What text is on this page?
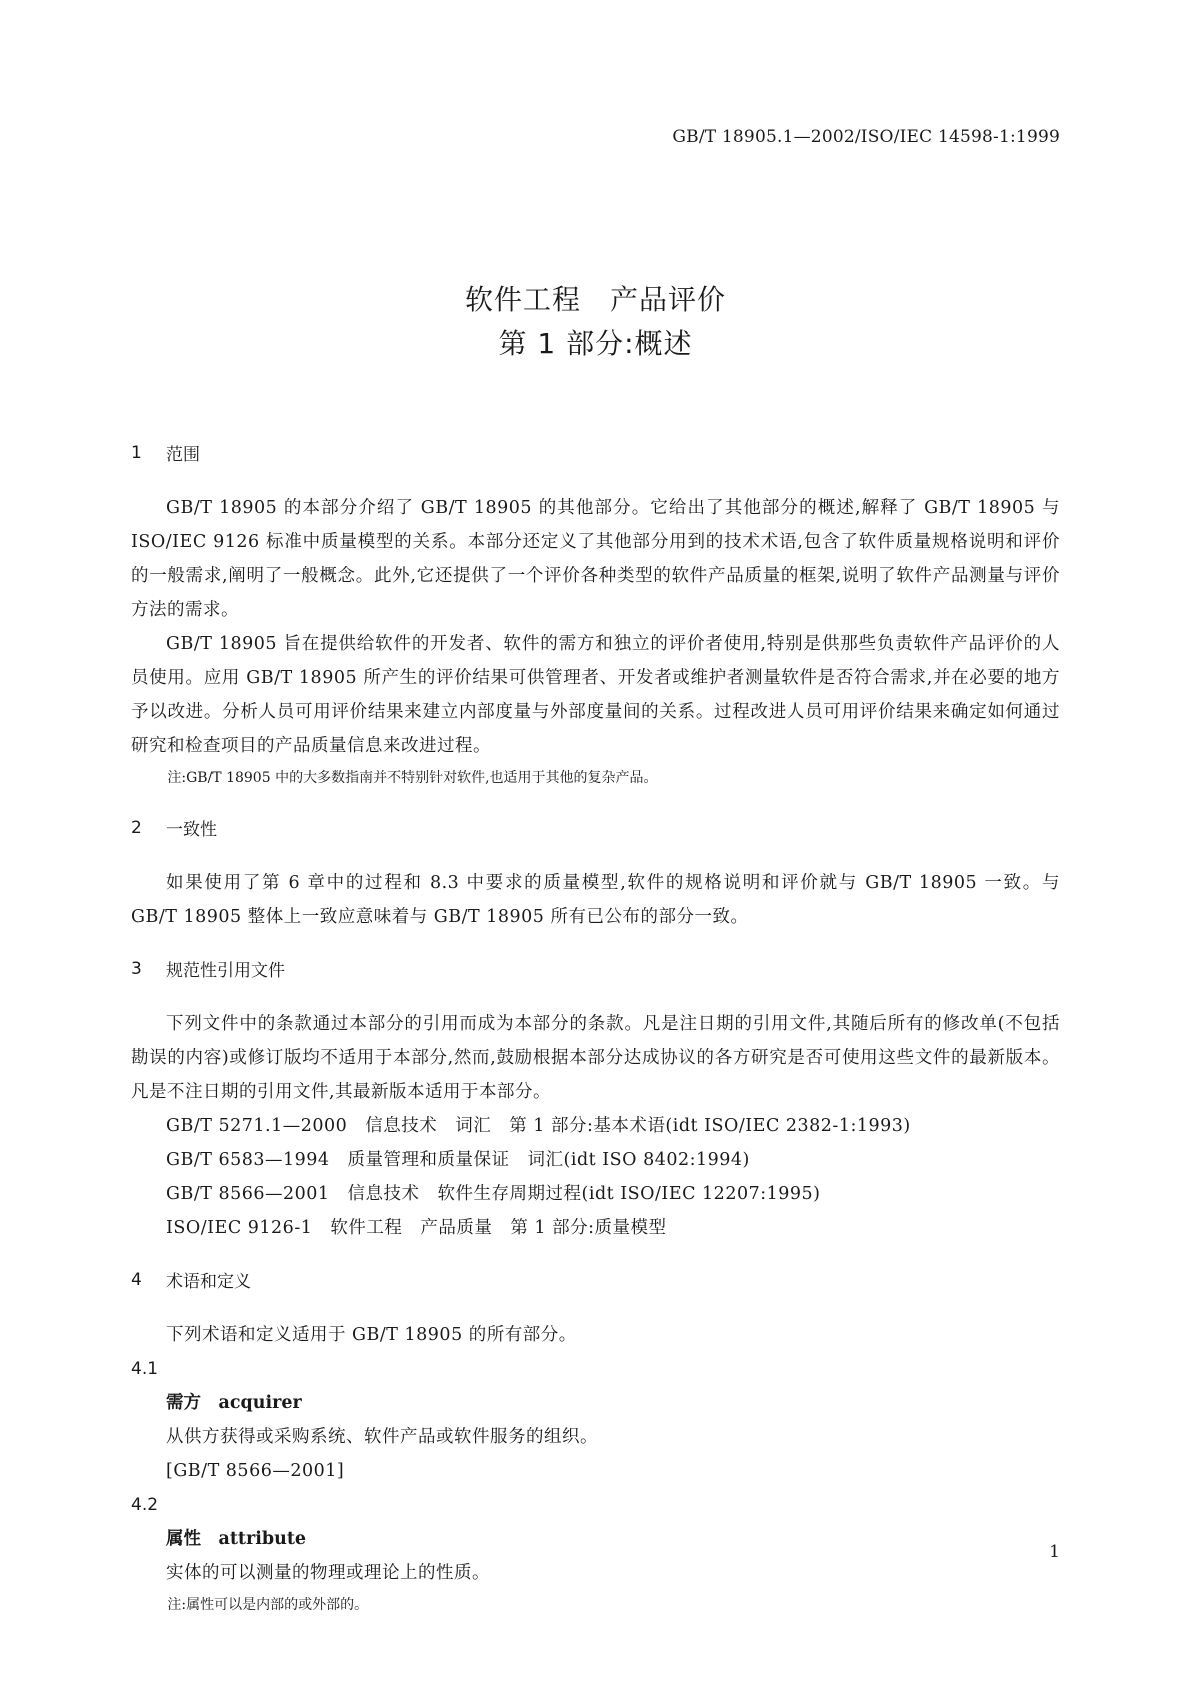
GB/T 18905.1—2002/ISO/IEC 14598-1:1999
软件工程　产品评价
第 1 部分:概述
1	范围

GB/T 18905 的本部分介绍了 GB/T 18905 的其他部分。它给出了其他部分的概述,解释了 GB/T 18905 与 ISO/IEC 9126 标准中质量模型的关系。本部分还定义了其他部分用到的技术术语,包含了软件质量规格说明和评价的一般需求,阐明了一般概念。此外,它还提供了一个评价各种类型的软件产品质量的框架,说明了软件产品测量与评价方法的需求。

GB/T 18905 旨在提供给软件的开发者、软件的需方和独立的评价者使用,特别是供那些负责软件产品评价的人员使用。应用 GB/T 18905 所产生的评价结果可供管理者、开发者或维护者测量软件是否符合需求,并在必要的地方予以改进。分析人员可用评价结果来建立内部度量与外部度量间的关系。过程改进人员可用评价结果来确定如何通过研究和检查项目的产品质量信息来改进过程。

注:GB/T 18905 中的大多数指南并不特别针对软件,也适用于其他的复杂产品。

2	一致性

如果使用了第 6 章中的过程和 8.3 中要求的质量模型,软件的规格说明和评价就与 GB/T 18905 一致。与 GB/T 18905 整体上一致应意味着与 GB/T 18905 所有已公布的部分一致。

3	规范性引用文件

下列文件中的条款通过本部分的引用而成为本部分的条款。凡是注日期的引用文件,其随后所有的修改单(不包括勘误的内容)或修订版均不适用于本部分,然而,鼓励根据本部分达成协议的各方研究是否可使用这些文件的最新版本。凡是不注日期的引用文件,其最新版本适用于本部分。

GB/T 5271.1—2000　信息技术　词汇　第 1 部分:基本术语(idt ISO/IEC 2382-1:1993)

GB/T 6583—1994　质量管理和质量保证　词汇(idt ISO 8402:1994)

GB/T 8566—2001　信息技术　软件生存周期过程(idt ISO/IEC 12207:1995)

ISO/IEC 9126-1　软件工程　产品质量　第 1 部分:质量模型

4	术语和定义

下列术语和定义适用于 GB/T 18905 的所有部分。

4.1

需方　acquirer

从供方获得或采购系统、软件产品或软件服务的组织。

[GB/T 8566—2001]

4.2

属性　attribute

实体的可以测量的物理或理论上的性质。

注:属性可以是内部的或外部的。

1
